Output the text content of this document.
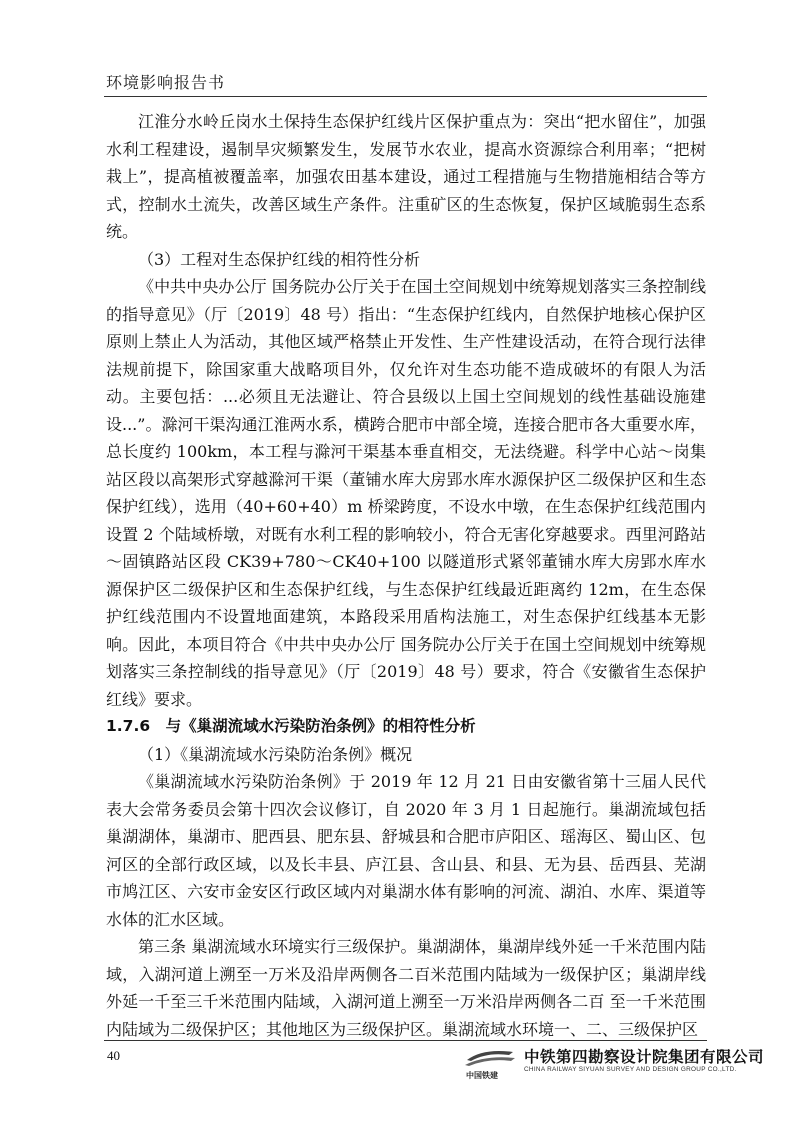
环境影响报告书

江淮分水岭丘岗水土保持生态保护红线片区保护重点为：突出“把水留住”，加强水利工程建设，遏制旱灾频繁发生，发展节水农业，提高水资源综合利用率；“把树栽上”，提高植被覆盖率，加强农田基本建设，通过工程措施与生物措施相结合等方式，控制水土流失，改善区域生产条件。注重矿区的生态恢复，保护区域脆弱生态系统。

（3）工程对生态保护红线的相符性分析

《中共中央办公厅 国务院办公厅关于在国土空间规划中统筹规划落实三条控制线的指导意见》（厅〔2019〕48 号）指出：“生态保护红线内，自然保护地核心保护区原则上禁止人为活动，其他区域严格禁止开发性、生产性建设活动，在符合现行法律法规前提下，除国家重大战略项目外，仅允许对生态功能不造成破坏的有限人为活动。主要包括：...必须且无法避让、符合县级以上国土空间规划的线性基础设施建设...”。滁河干渠沟通江淮两水系，横跨合肥市中部全境，连接合肥市各大重要水库，总长度约 100km，本工程与滁河干渠基本垂直相交，无法绕避。科学中心站～岗集站区段以高架形式穿越滁河干渠（董铺水库大房郢水库水源保护区二级保护区和生态保护红线），选用（40+60+40）m 桥梁跨度，不设水中墩，在生态保护红线范围内设置 2 个陆域桥墩，对既有水利工程的影响较小，符合无害化穿越要求。西里河路站～固镇路站区段 CK39+780～CK40+100 以隧道形式紧邻董铺水库大房郢水库水源保护区二级保护区和生态保护红线，与生态保护红线最近距离约 12m，在生态保护红线范围内不设置地面建筑，本路段采用盾构法施工，对生态保护红线基本无影响。因此，本项目符合《中共中央办公厅 国务院办公厅关于在国土空间规划中统筹规划落实三条控制线的指导意见》（厅〔2019〕48 号）要求，符合《安徽省生态保护红线》要求。

1.7.6　与《巢湖流域水污染防治条例》的相符性分析

（1）《巢湖流域水污染防治条例》概况

《巢湖流域水污染防治条例》于 2019 年 12 月 21 日由安徽省第十三届人民代表大会常务委员会第十四次会议修订，自 2020 年 3 月 1 日起施行。巢湖流域包括巢湖湖体，巢湖市、肥西县、肥东县、舒城县和合肥市庐阳区、瑶海区、蜀山区、包河区的全部行政区域，以及长丰县、庐江县、含山县、和县、无为县、岳西县、芜湖市鸠江区、六安市金安区行政区域内对巢湖水体有影响的河流、湖泊、水库、渠道等水体的汇水区域。

第三条 巢湖流域水环境实行三级保护。巢湖湖体，巢湖岸线外延一千米范围内陆域，入湖河道上溯至一万米及沿岸两侧各二百米范围内陆域为一级保护区；巢湖岸线外延一千至三千米范围内陆域，入湖河道上溯至一万米沿岸两侧各二百 至一千米范围内陆域为二级保护区；其他地区为三级保护区。巢湖流域水环境一、二、三级保护区

40
中国铁建
中铁第四勘察设计院集团有限公司
CHINA RAILWAY SIYUAN SURVEY AND DESIGN GROUP CO.,LTD.
